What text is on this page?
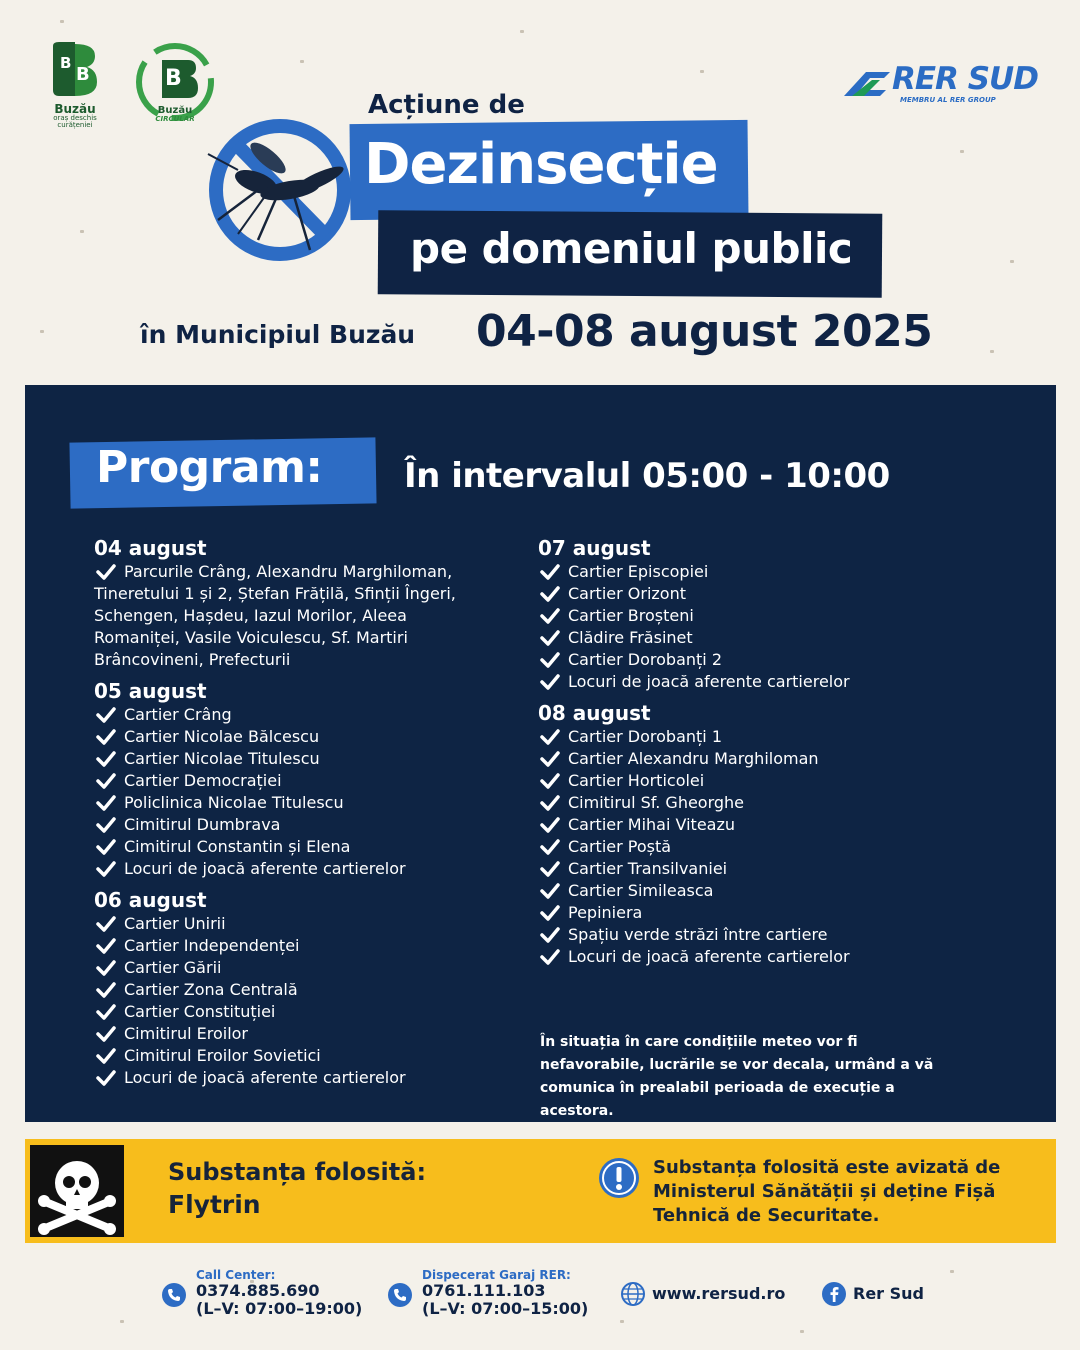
B
B
Buzău
oraș deschis curățeniei
B
Buzău
CIRCULAR
RER SUD
MEMBRU AL RER GROUP
Acțiune de
Dezinsecție
pe domeniul public
în Municipiul Buzău 04-08 august 2025
Program: În intervalul 05:00 - 10:00
04 august
Parcurile Crâng, Alexandru Marghiloman, Tineretului 1 și 2, Ștefan Frățilă, Sfinții Îngeri, Schengen, Hașdeu, Iazul Morilor, Aleea Romaniței, Vasile Voiculescu, Sf. Martiri Brâncovineni, Prefecturii
05 august
Cartier Crâng
Cartier Nicolae Bălcescu
Cartier Nicolae Titulescu
Cartier Democrației
Policlinica Nicolae Titulescu
Cimitirul Dumbrava
Cimitirul Constantin și Elena
Locuri de joacă aferente cartierelor
06 august
Cartier Unirii
Cartier Independenței
Cartier Gării
Cartier Zona Centrală
Cartier Constituției
Cimitirul Eroilor
Cimitirul Eroilor Sovietici
Locuri de joacă aferente cartierelor
07 august
Cartier Episcopiei
Cartier Orizont
Cartier Broșteni
Clădire Frăsinet
Cartier Dorobanți 2
Locuri de joacă aferente cartierelor
08 august
Cartier Dorobanți 1
Cartier Alexandru Marghiloman
Cartier Horticolei
Cimitirul Sf. Gheorghe
Cartier Mihai Viteazu
Cartier Poștă
Cartier Transilvaniei
Cartier Simileasca
Pepiniera
Spațiu verde străzi între cartiere
Locuri de joacă aferente cartierelor
În situația în care condițiile meteo vor fi nefavorabile, lucrările se vor decala, urmând a vă comunica în prealabil perioada de execuție a acestora.
Substanța folosită:
Flytrin
Substanța folosită este avizată de Ministerul Sănătății și deține Fișă Tehnică de Securitate.
Call Center:
0374.885.690
(L–V: 07:00–19:00)
Dispecerat Garaj RER:
0761.111.103
(L–V: 07:00–15:00)
www.rersud.ro	Rer Sud
